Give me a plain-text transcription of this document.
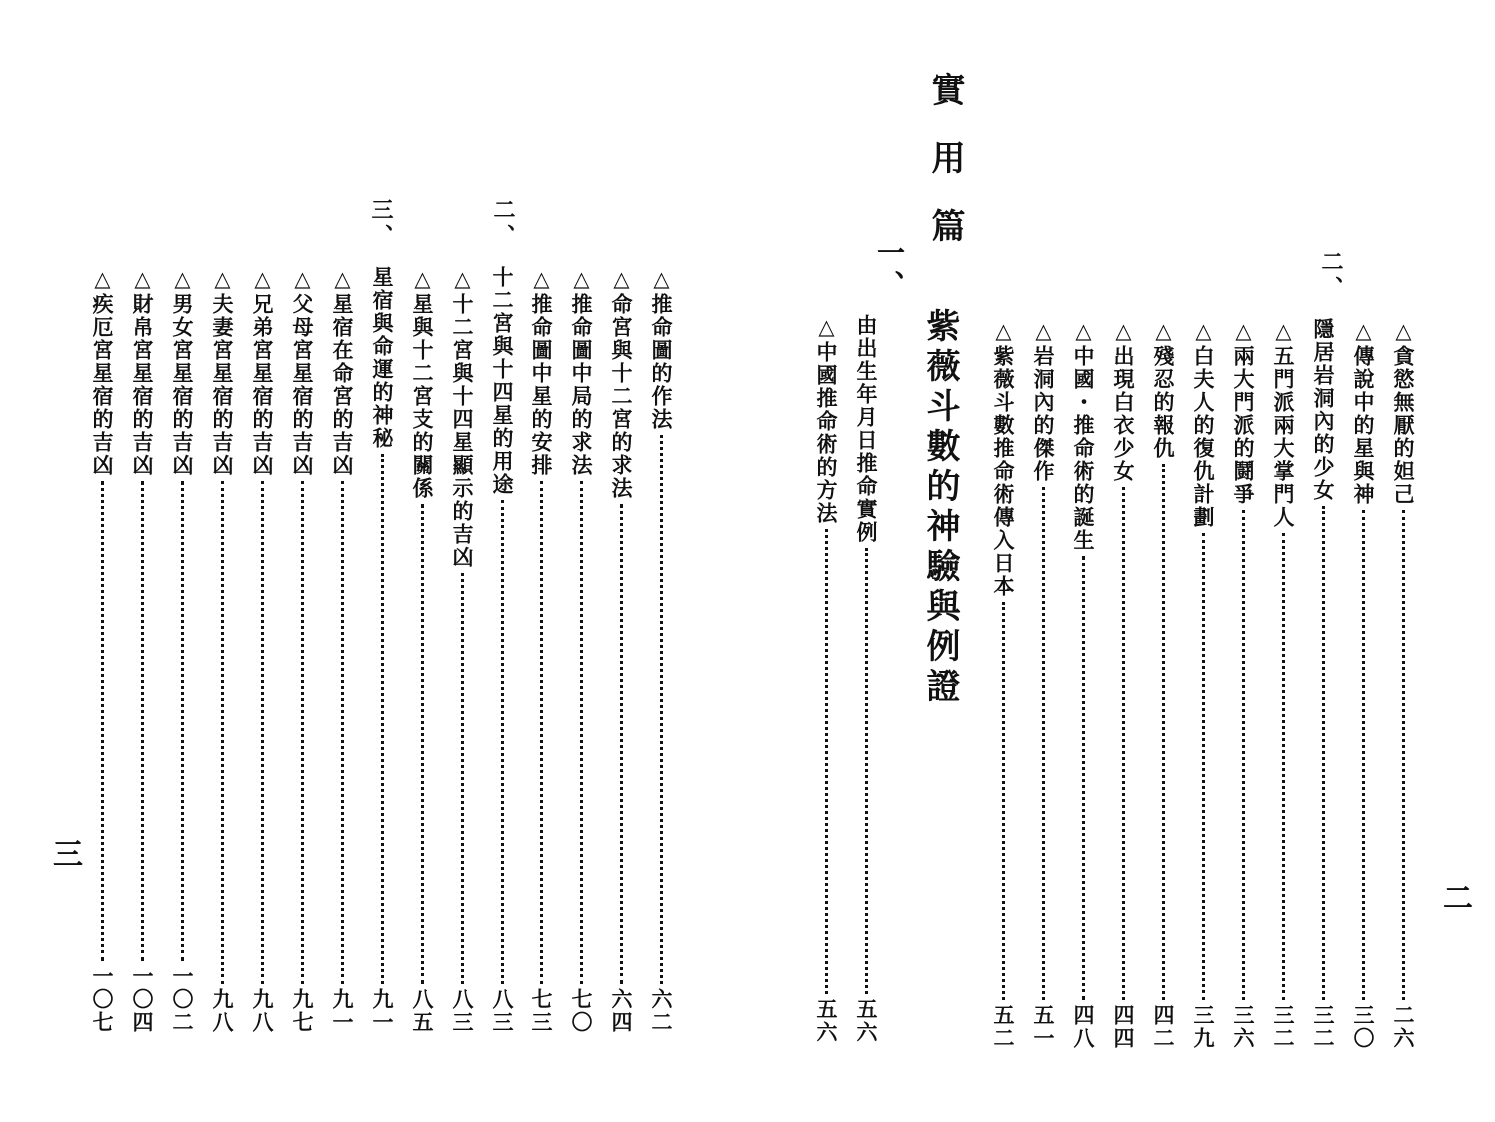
實用篇	二、
△貪慾無厭的妲己
二六
△傳說中的星與神
三〇
隱居岩洞內的少女
三二
△五門派兩大掌門人
三二
△兩大門派的鬪爭
三六
△白夫人的復仇計劃
三九
△殘忍的報仇
四二
△出現白衣少女
四四
△中國・推命術的誕生
四八
△岩洞內的傑作
五一
△紫薇斗數推命術傳入日本
五二
一、
紫薇斗數的神驗與例證
由出生年月日推命實例
五六
△中國推命術的方法
五六
二
△推命圖的作法
六二
△命宮與十二宮的求法
六四
△推命圖中局的求法
七〇
△推命圖中星的安排
七三
二、
十二宮與十四星的用途
八三
△十二宮與十四星顯示的吉凶
八三
△星與十二宮支的關係
八五
三、
星宿與命運的神秘
九一
△星宿在命宮的吉凶
九一
△父母宮星宿的吉凶
九七
△兄弟宮星宿的吉凶
九八
△夫妻宮星宿的吉凶
九八
△男女宮星宿的吉凶
一〇二
△財帛宮星宿的吉凶
一〇四
△疾厄宮星宿的吉凶
一〇七
三
